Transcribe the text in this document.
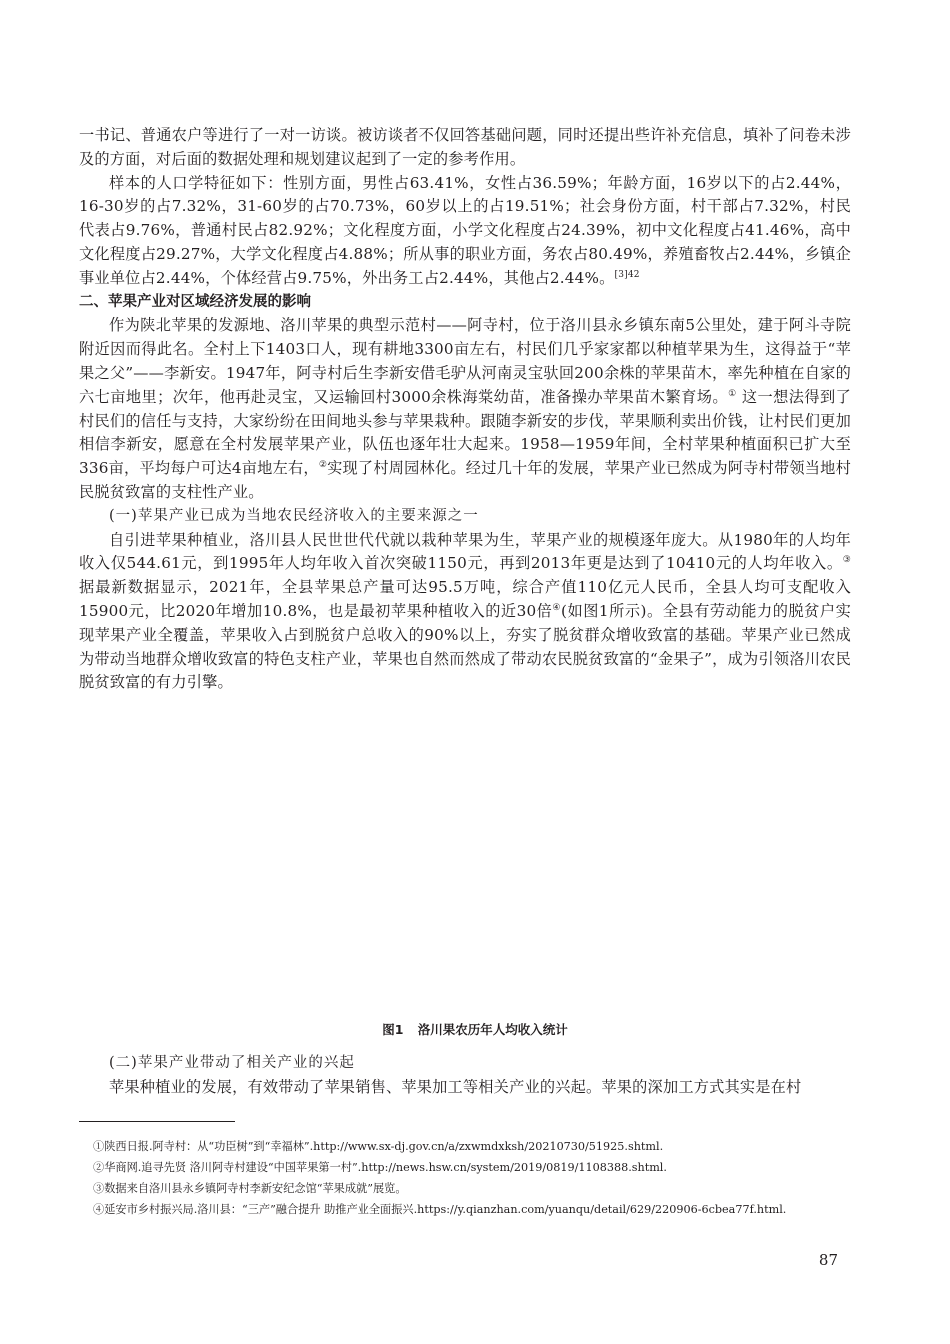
一书记、普通农户等进行了一对一访谈。被访谈者不仅回答基础问题，同时还提出些许补充信息，填补了问卷未涉及的方面，对后面的数据处理和规划建议起到了一定的参考作用。

样本的人口学特征如下：性别方面，男性占63.41%，女性占36.59%；年龄方面，16岁以下的占2.44%，16-30岁的占7.32%，31-60岁的占70.73%，60岁以上的占19.51%；社会身份方面，村干部占7.32%，村民代表占9.76%，普通村民占82.92%；文化程度方面，小学文化程度占24.39%，初中文化程度占41.46%，高中文化程度占29.27%，大学文化程度占4.88%；所从事的职业方面，务农占80.49%，养殖畜牧占2.44%，乡镇企事业单位占2.44%，个体经营占9.75%，外出务工占2.44%，其他占2.44%。$^{[3]42}$

二、苹果产业对区域经济发展的影响

作为陕北苹果的发源地、洛川苹果的典型示范村——阿寺村，位于洛川县永乡镇东南5公里处，建于阿斗寺院附近因而得此名。全村上下1403口人，现有耕地3300亩左右，村民们几乎家家都以种植苹果为生，这得益于“苹果之父”——李新安。1947年，阿寺村后生李新安借毛驴从河南灵宝驮回200余株的苹果苗木，率先种植在自家的六七亩地里；次年，他再赴灵宝，又运输回村3000余株海棠幼苗，准备操办苹果苗木繁育场。① 这一想法得到了村民们的信任与支持，大家纷纷在田间地头参与苹果栽种。跟随李新安的步伐，苹果顺利卖出价钱，让村民们更加相信李新安，愿意在全村发展苹果产业，队伍也逐年壮大起来。1958—1959年间，全村苹果种植面积已扩大至336亩，平均每户可达4亩地左右，②实现了村周园林化。经过几十年的发展，苹果产业已然成为阿寺村带领当地村民脱贫致富的支柱性产业。

(一)苹果产业已成为当地农民经济收入的主要来源之一

自引进苹果种植业，洛川县人民世世代代就以栽种苹果为生，苹果产业的规模逐年庞大。从1980年的人均年收入仅544.61元，到1995年人均年收入首次突破1150元，再到2013年更是达到了10410元的人均年收入。③ 据最新数据显示，2021年，全县苹果总产量可达95.5万吨，综合产值110亿元人民币，全县人均可支配收入15900元，比2020年增加10.8%，也是最初苹果种植收入的近30倍④(如图1所示)。全县有劳动能力的脱贫户实现苹果产业全覆盖，苹果收入占到脱贫户总收入的90%以上，夯实了脱贫群众增收致富的基础。苹果产业已然成为带动当地群众增收致富的特色支柱产业，苹果也自然而然成了带动农民脱贫致富的“金果子”，成为引领洛川农民脱贫致富的有力引擎。

图1 洛川果农历年人均收入统计

(二)苹果产业带动了相关产业的兴起

苹果种植业的发展，有效带动了苹果销售、苹果加工等相关产业的兴起。苹果的深加工方式其实是在村

①陕西日报.阿寺村：从“功臣树”到“幸福林”.http://www.sx-dj.gov.cn/a/zxwmdxksh/20210730/51925.shtml.

②华商网.追寻先贤 洛川阿寺村建设“中国苹果第一村”.http://news.hsw.cn/system/2019/0819/1108388.shtml.

③数据来自洛川县永乡镇阿寺村李新安纪念馆“苹果成就”展览。

④延安市乡村振兴局.洛川县：“三产”融合提升 助推产业全面振兴.https://y.qianzhan.com/yuanqu/detail/629/220906-6cbea77f.html.

87
